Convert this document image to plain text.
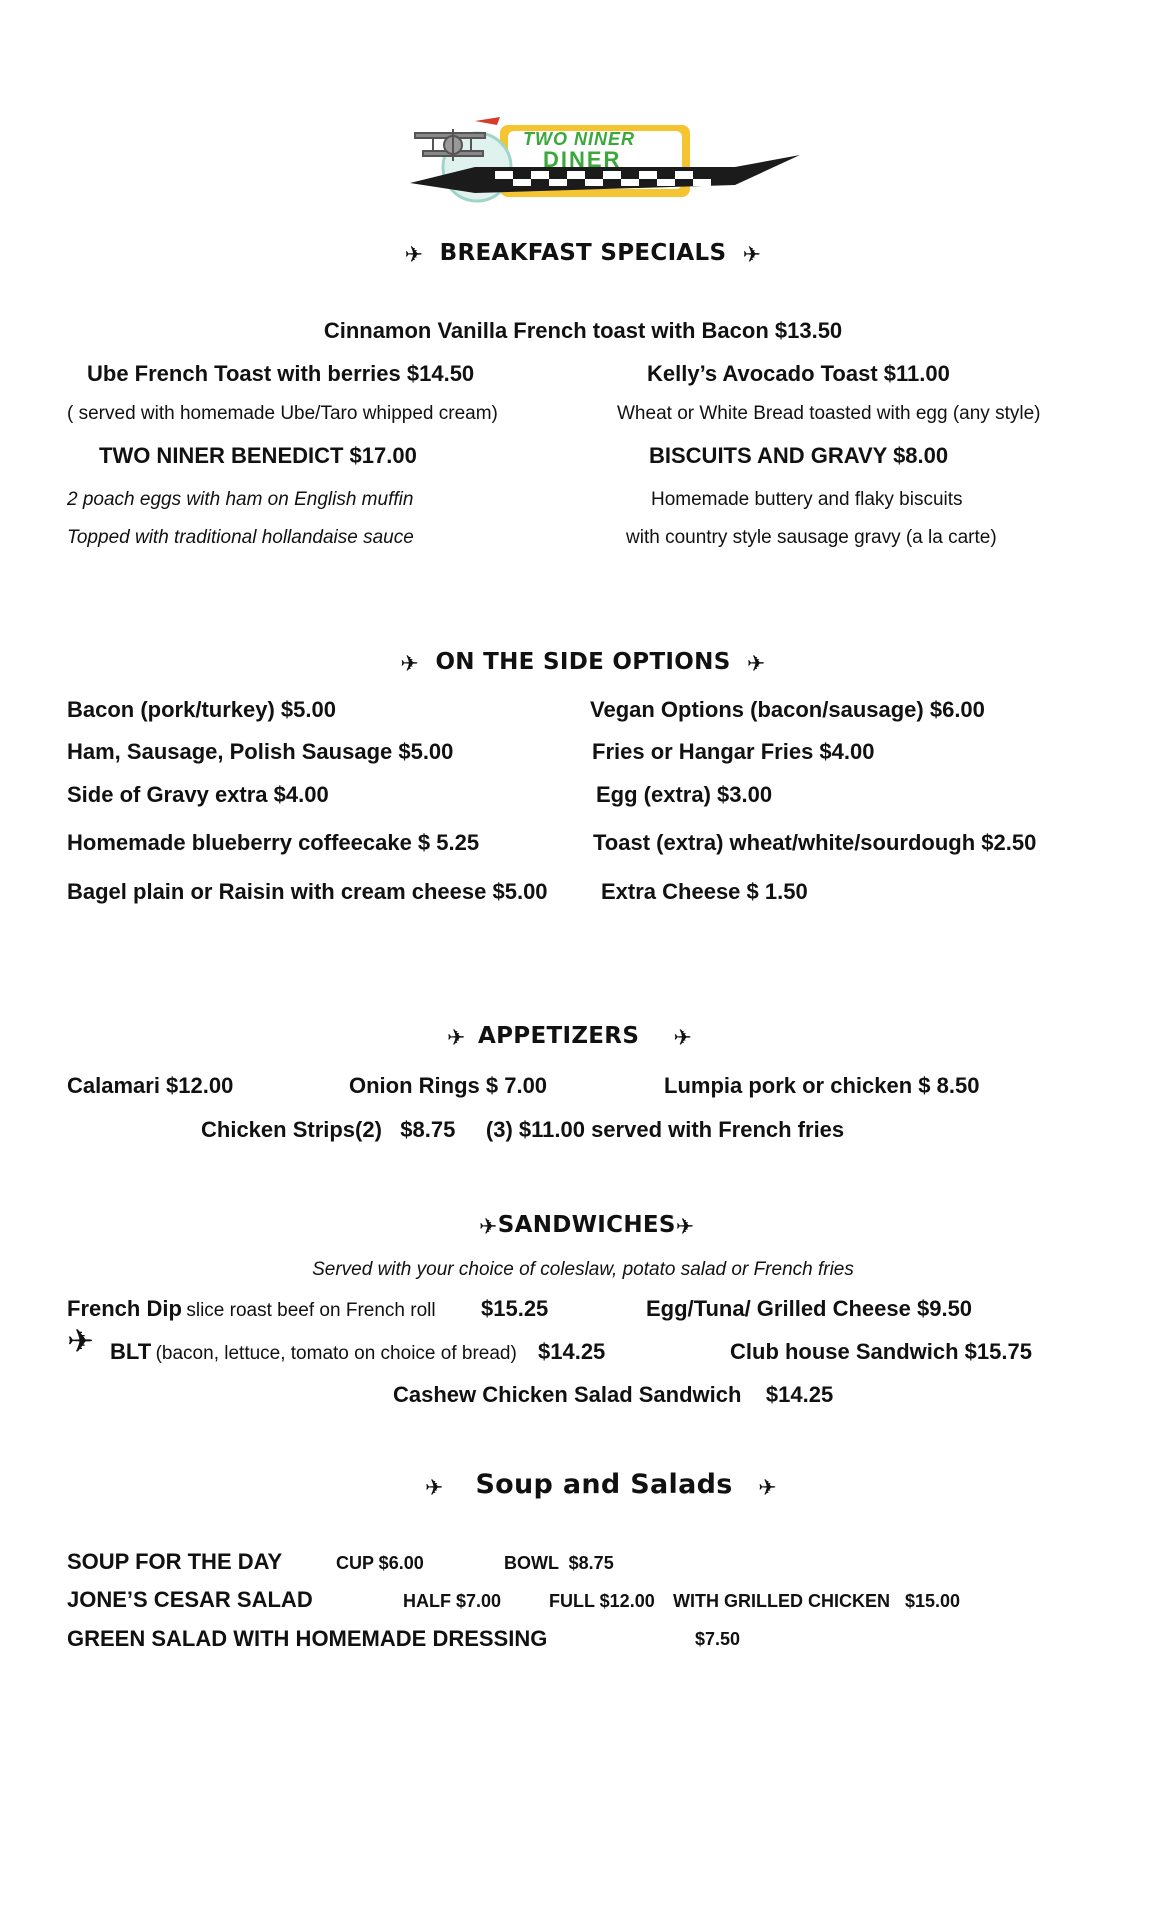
TWO NINER
DINER
✈ BREAKFAST SPECIALS ✈
Cinnamon Vanilla French toast with Bacon $13.50
Ube French Toast with berries $14.50	Kelly’s Avocado Toast $11.00
( served with homemade Ube/Taro whipped cream)	Wheat or White Bread toasted with egg (any style)
TWO NINER BENEDICT $17.00	BISCUITS AND GRAVY $8.00
2 poach eggs with ham on English muffin	Homemade buttery and flaky biscuits
Topped with traditional hollandaise sauce	with country style sausage gravy (a la carte)
✈ ON THE SIDE OPTIONS ✈
Bacon (pork/turkey) $5.00	Vegan Options (bacon/sausage) $6.00
Ham, Sausage, Polish Sausage $5.00	Fries or Hangar Fries $4.00
Side of Gravy extra $4.00	Egg (extra) $3.00
Homemade blueberry coffeecake $ 5.25	Toast (extra) wheat/white/sourdough $2.50
Bagel plain or Raisin with cream cheese $5.00 Extra Cheese $ 1.50
✈ APPETIZERS ✈
Calamari $12.00	Onion Rings $ 7.00	Lumpia pork or chicken $ 8.50
Chicken Strips(2)   $8.75     (3) $11.00 served with French fries
✈SANDWICHES✈
Served with your choice of coleslaw, potato salad or French fries
French Dip slice roast beef on French roll $15.25	Egg/Tuna/ Grilled Cheese $9.50
✈ BLT (bacon, lettuce, tomato on choice of bread) $14.25	Club house Sandwich $15.75
Cashew Chicken Salad Sandwich    $14.25
✈ Soup and Salads ✈
SOUP FOR THE DAY	CUP $6.00	BOWL  $8.75
JONE’S CESAR SALAD	HALF $7.00	FULL $12.00 WITH GRILLED CHICKEN   $15.00
GREEN SALAD WITH HOMEMADE DRESSING	$7.50
